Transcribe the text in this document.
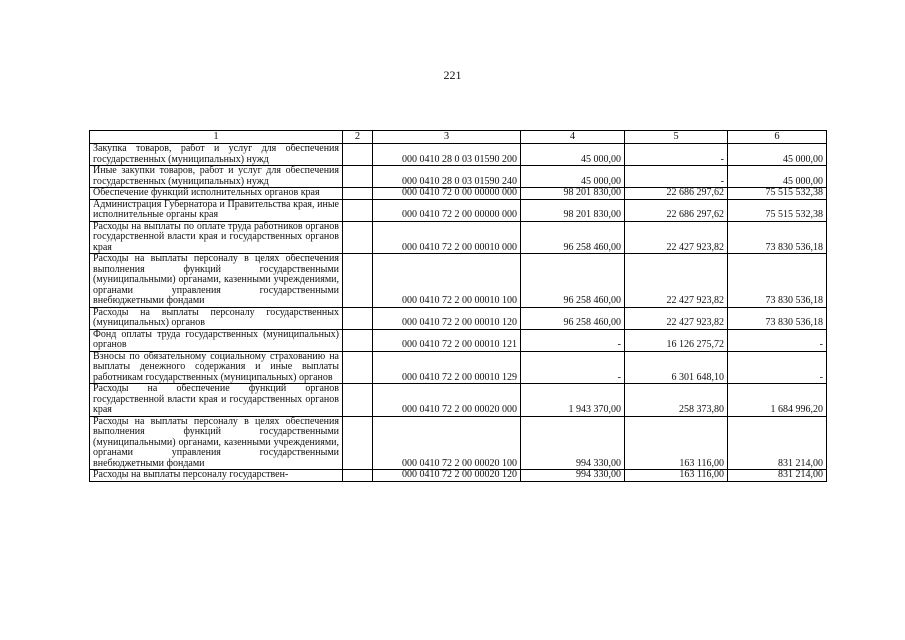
221
1	2	3	4	5	6
Закупка товаров, работ и услуг для обеспечения государственных (муниципальных) нужд		000 0410 28 0 03 01590 200	45 000,00	-	45 000,00
Иные закупки товаров, работ и услуг для обеспечения государственных (муниципальных) нужд		000 0410 28 0 03 01590 240	45 000,00	-	45 000,00
Обеспечение функций исполнительных органов края		000 0410 72 0 00 00000 000	98 201 830,00	22 686 297,62	75 515 532,38
Администрация Губернатора и Правительства края, иные исполнительные органы края		000 0410 72 2 00 00000 000	98 201 830,00	22 686 297,62	75 515 532,38
Расходы на выплаты по оплате труда работников органов государственной власти края и государственных органов края		000 0410 72 2 00 00010 000	96 258 460,00	22 427 923,82	73 830 536,18
Расходы на выплаты персоналу в целях обеспечения выполнения функций государственными (муниципальными) органами, казенными учреждениями, органами управления государственными внебюджетными фондами		000 0410 72 2 00 00010 100	96 258 460,00	22 427 923,82	73 830 536,18
Расходы на выплаты персоналу государственных (муниципальных) органов		000 0410 72 2 00 00010 120	96 258 460,00	22 427 923,82	73 830 536,18
Фонд оплаты труда государственных (муниципальных) органов		000 0410 72 2 00 00010 121	-	16 126 275,72	-
Взносы по обязательному социальному страхованию на выплаты денежного содержания и иные выплаты работникам государственных (муниципальных) органов		000 0410 72 2 00 00010 129	-	6 301 648,10	-
Расходы на обеспечение функций органов государственной власти края и государственных органов края		000 0410 72 2 00 00020 000	1 943 370,00	258 373,80	1 684 996,20
Расходы на выплаты персоналу в целях обеспечения выполнения функций государственными (муниципальными) органами, казенными учреждениями, органами управления государственными внебюджетными фондами		000 0410 72 2 00 00020 100	994 330,00	163 116,00	831 214,00
Расходы на выплаты персоналу государствен-		000 0410 72 2 00 00020 120	994 330,00	163 116,00	831 214,00
